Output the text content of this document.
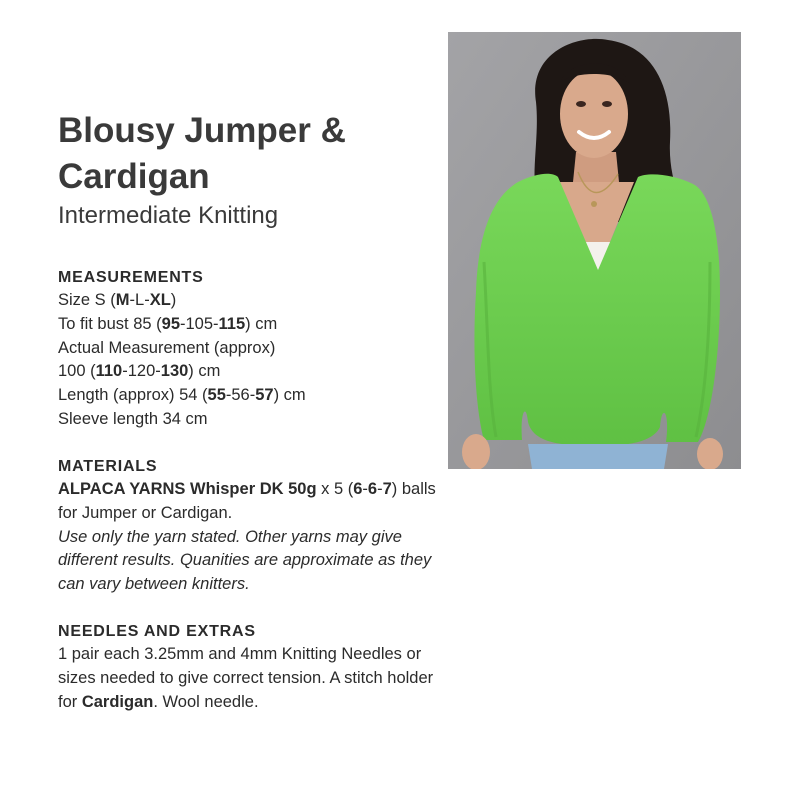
Blousy Jumper &
Cardigan

Intermediate Knitting

MEASUREMENTS

Size S (M-L-XL)

To fit bust 85 (95-105-115) cm

Actual Measurement (approx)

100 (110-120-130) cm

Length (approx) 54 (55-56-57) cm

Sleeve length 34 cm

MATERIALS

ALPACA YARNS Whisper DK 50g x 5 (6-6-7) balls

for Jumper or Cardigan.

Use only the yarn stated. Other yarns may give

different results. Quanities are approximate as they

can vary between knitters.

NEEDLES AND EXTRAS

1 pair each 3.25mm and 4mm Knitting Needles or

sizes needed to give correct tension. A stitch holder

for Cardigan. Wool needle.
